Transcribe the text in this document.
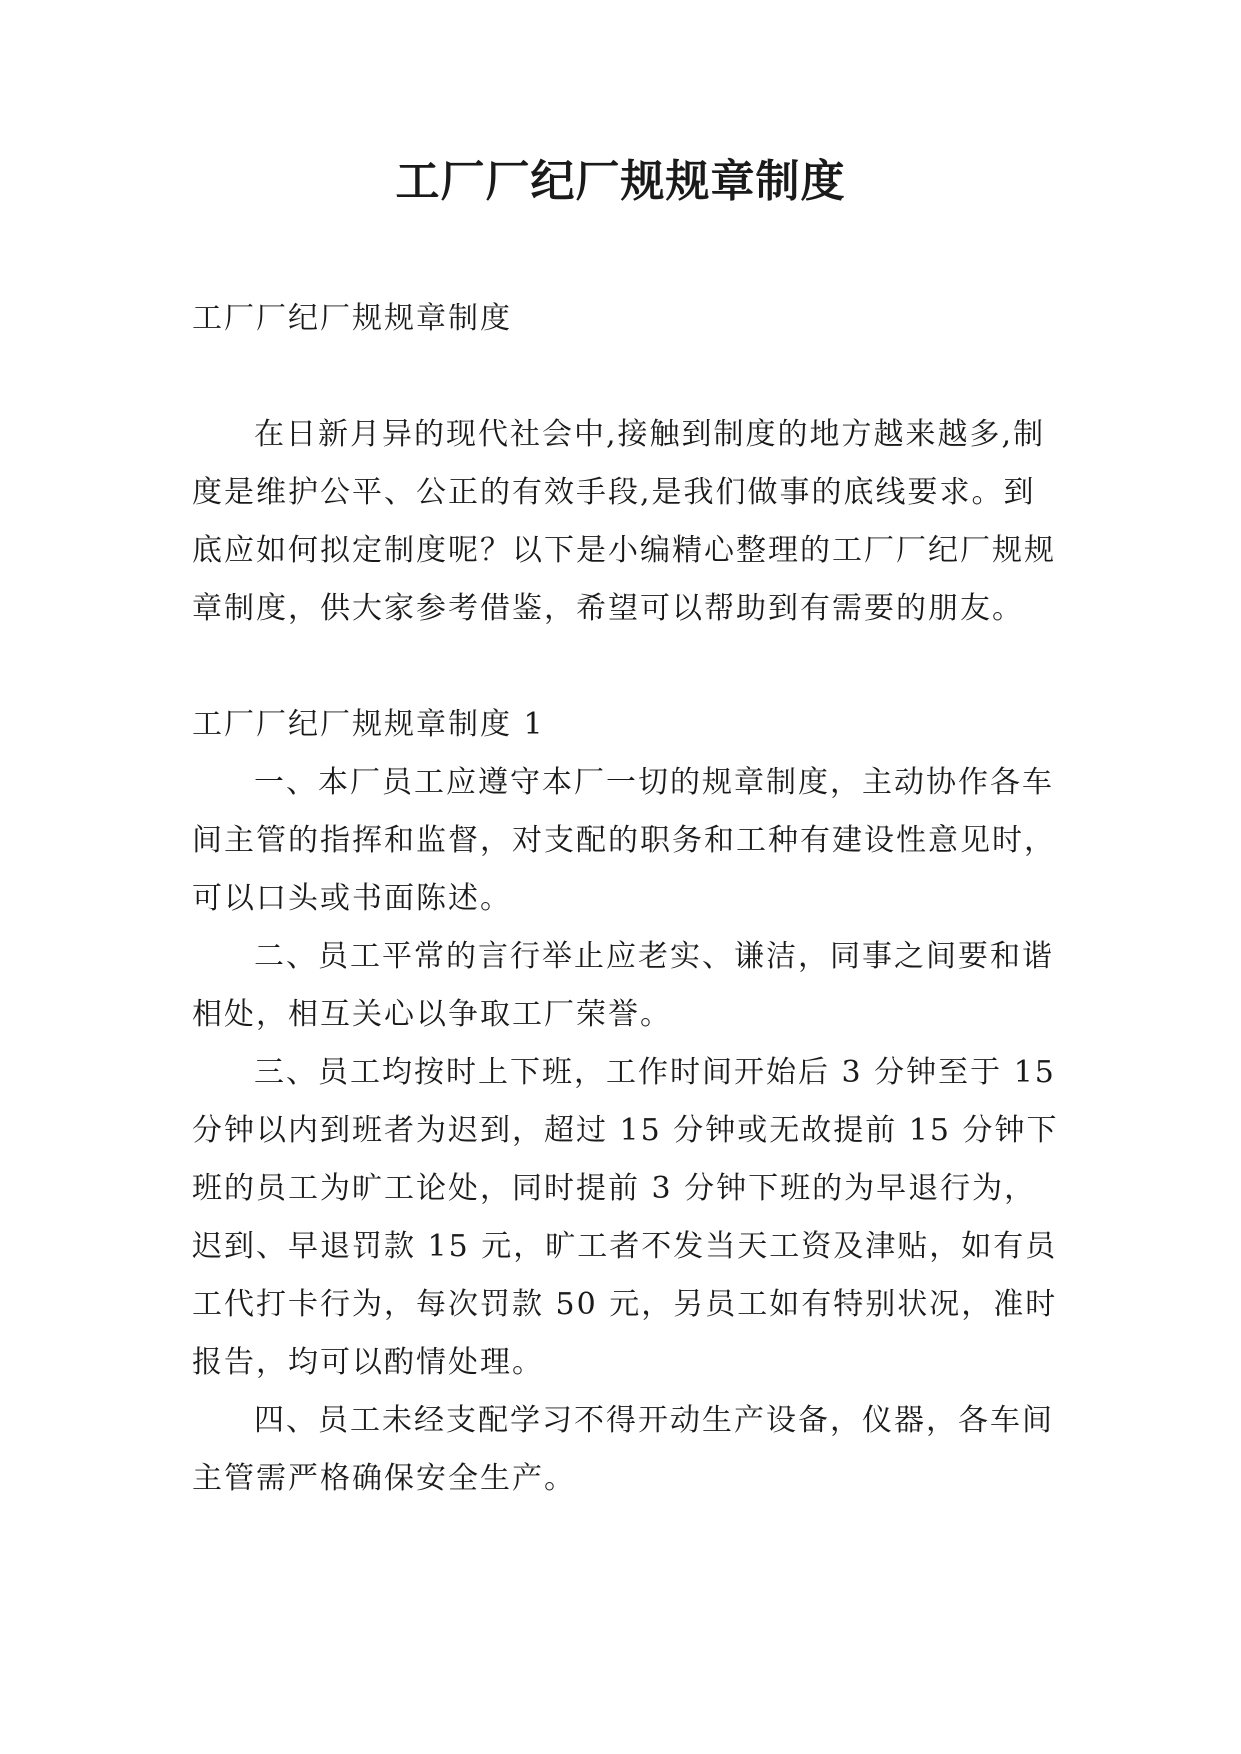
工厂厂纪厂规规章制度

工厂厂纪厂规规章制度

在日新月异的现代社会中,接触到制度的地方越来越多,制度是维护公平、公正的有效手段,是我们做事的底线要求。到底应如何拟定制度呢？以下是小编精心整理的工厂厂纪厂规规章制度，供大家参考借鉴，希望可以帮助到有需要的朋友。

工厂厂纪厂规规章制度 1

一、本厂员工应遵守本厂一切的规章制度，主动协作各车间主管的指挥和监督，对支配的职务和工种有建设性意见时，可以口头或书面陈述。

二、员工平常的言行举止应老实、谦洁，同事之间要和谐相处，相互关心以争取工厂荣誉。

三、员工均按时上下班，工作时间开始后 3 分钟至于 15 分钟以内到班者为迟到，超过 15 分钟或无故提前 15 分钟下班的员工为旷工论处，同时提前 3 分钟下班的为早退行为，迟到、早退罚款 15 元，旷工者不发当天工资及津贴，如有员工代打卡行为，每次罚款 50 元，另员工如有特别状况，准时报告，均可以酌情处理。

四、员工未经支配学习不得开动生产设备，仪器，各车间主管需严格确保安全生产。
